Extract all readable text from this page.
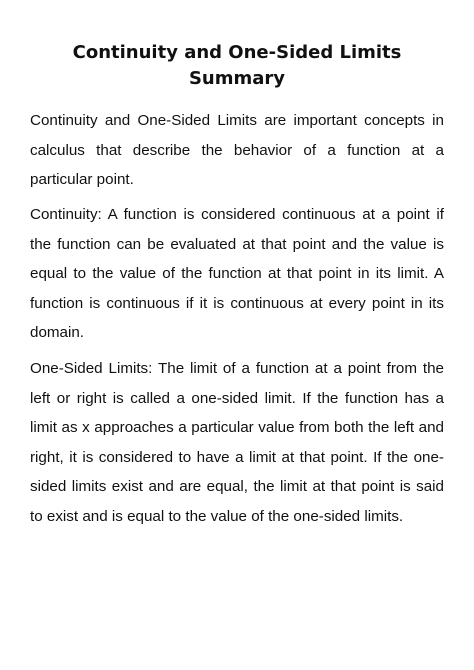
Continuity and One-Sided Limits
Summary

Continuity and One-Sided Limits are important concepts in calculus that describe the behavior of a function at a particular point.

Continuity: A function is considered continuous at a point if the function can be evaluated at that point and the value is equal to the value of the function at that point in its limit. A function is continuous if it is continuous at every point in its domain.

One-Sided Limits: The limit of a function at a point from the left or right is called a one-sided limit. If the function has a limit as x approaches a particular value from both the left and right, it is considered to have a limit at that point. If the one-sided limits exist and are equal, the limit at that point is said to exist and is equal to the value of the one-sided limits.
